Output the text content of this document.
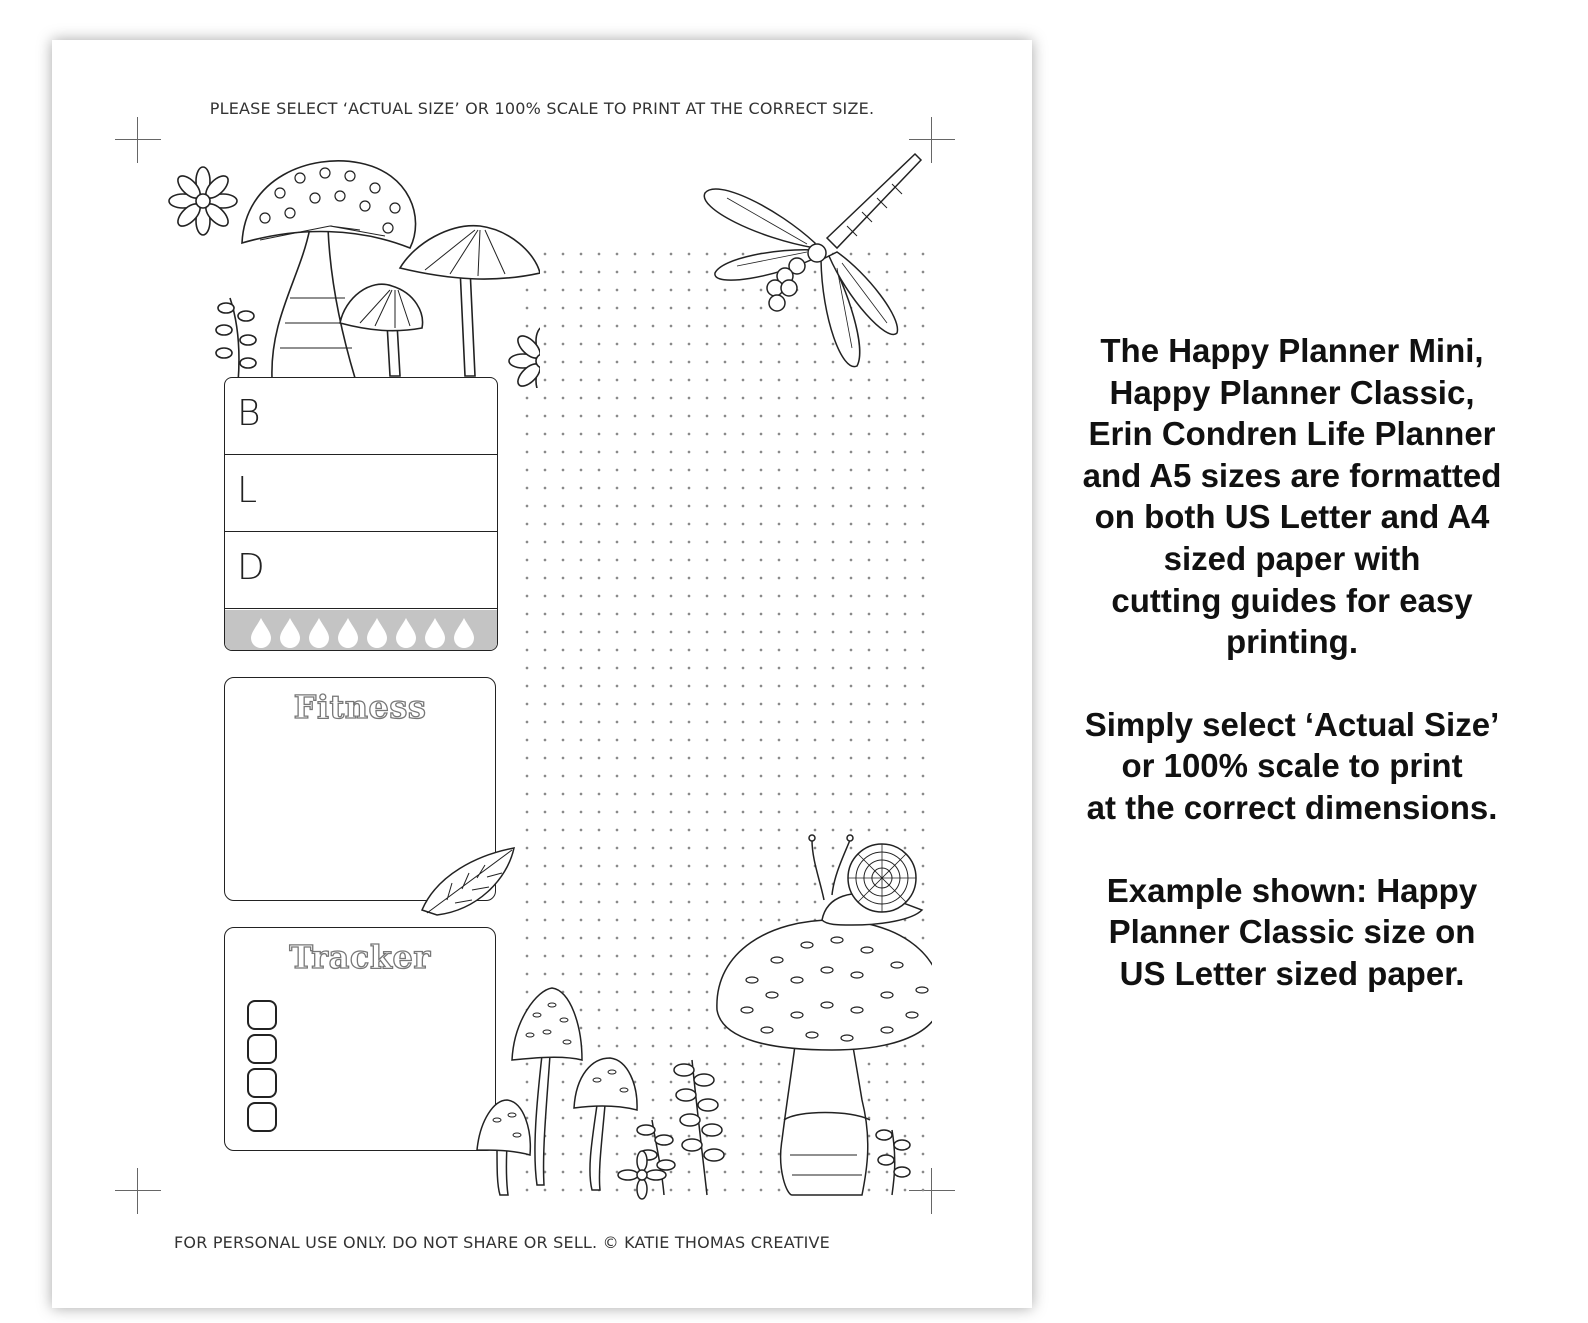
PLEASE SELECT ‘ACTUAL SIZE’ OR 100% SCALE TO PRINT AT THE CORRECT SIZE.
B
L
D
Fitness
Tracker
FOR PERSONAL USE ONLY. DO NOT SHARE OR SELL. © KATIE THOMAS CREATIVE

The Happy Planner Mini,
Happy Planner Classic,
Erin Condren Life Planner
and A5 sizes are formatted
on both US Letter and A4
sized paper with
cutting guides for easy
printing.

Simply select ‘Actual Size’
or 100% scale to print
at the correct dimensions.

Example shown: Happy
Planner Classic size on
US Letter sized paper.
